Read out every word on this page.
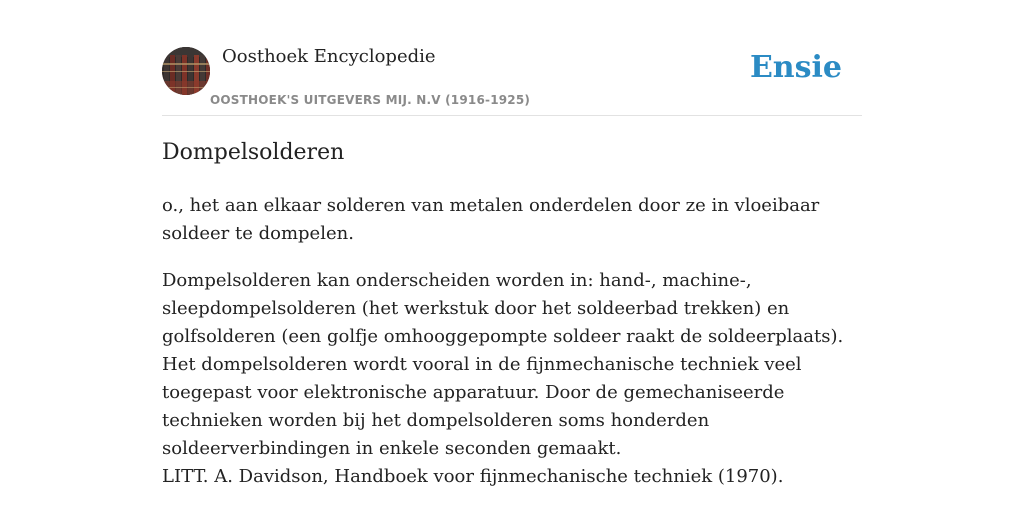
Oosthoek Encyclopedie
OOSTHOEK'S UITGEVERS MIJ. N.V (1916-1925)
Ensie
Dompelsolderen

o., het aan elkaar solderen van metalen onderdelen door ze in vloeibaar soldeer te dompelen.

Dompelsolderen kan onderscheiden worden in: hand-, machine-, sleepdompelsolderen (het werkstuk door het soldeerbad trekken) en golfsolderen (een golfje omhooggepompte soldeer raakt de soldeerplaats). Het dompelsolderen wordt vooral in de fijnmechanische techniek veel toegepast voor elektronische apparatuur. Door de gemechaniseerde technieken worden bij het dompelsolderen soms honderden soldeerverbindingen in enkele seconden gemaakt.

LITT. A. Davidson, Handboek voor fijnmechanische techniek (1970).
